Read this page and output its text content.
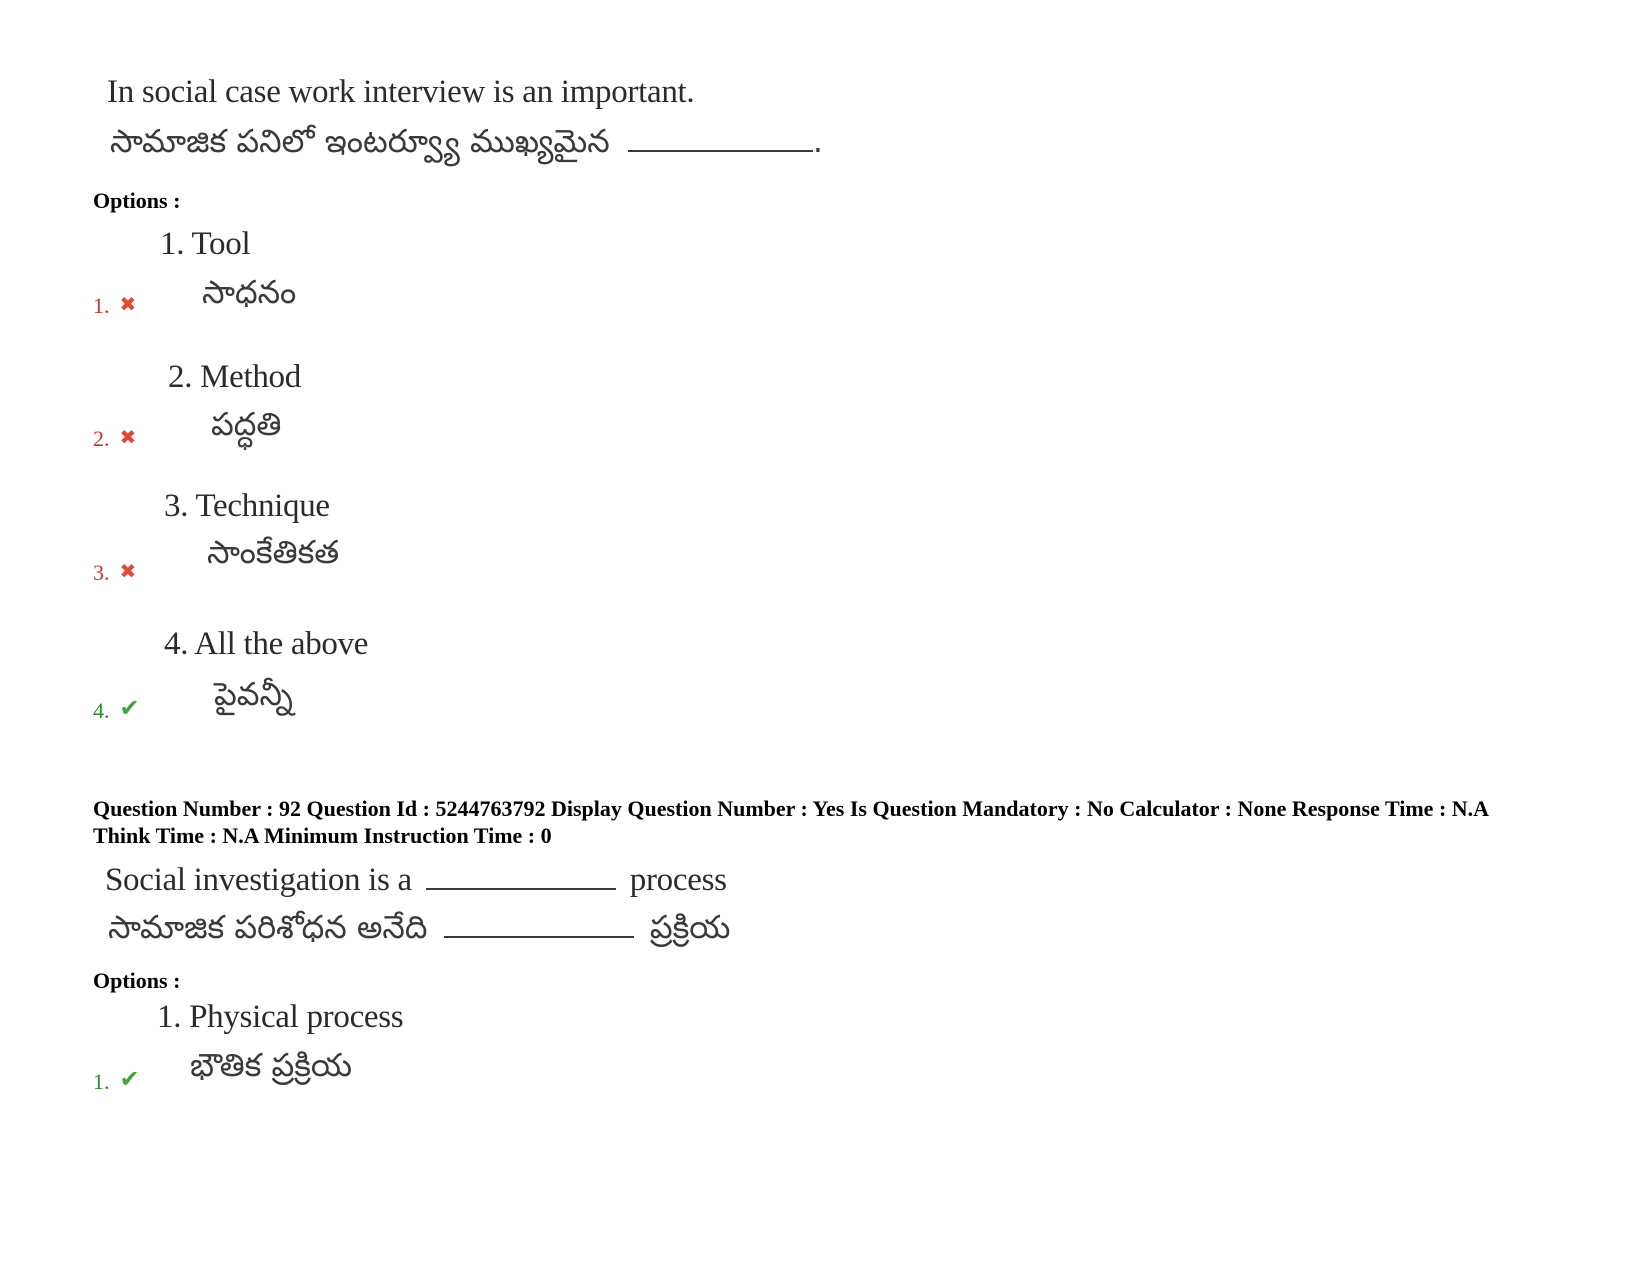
In social case work interview is an important.
సామాజిక పనిలో ఇంటర్వ్యూ ముఖ్యమైన	.
Options :
1. Tool
సాధనం
1. ✖
2. Method
పద్ధతి
2. ✖
3. Technique
సాంకేతికత
3. ✖
4. All the above
పైవన్నీ
4. ✔
Question Number : 92 Question Id : 5244763792 Display Question Number : Yes Is Question Mandatory : No Calculator : None Response Time : N.A Think Time : N.A Minimum Instruction Time : 0
Social investigation is a	process
సామాజిక పరిశోధన అనేది	ప్రక్రియ
Options :
1. Physical process
భౌతిక ప్రక్రియ
1. ✔
